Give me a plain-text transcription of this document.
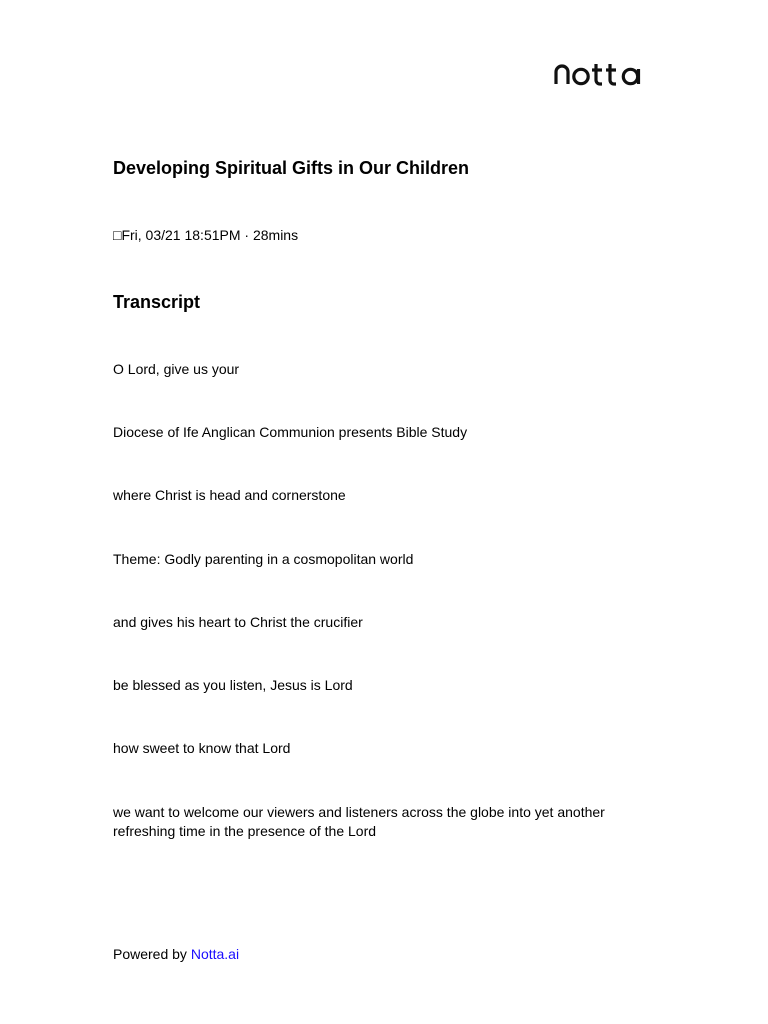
Developing Spiritual Gifts in Our Children
□Fri, 03/21 18:51PM · 28mins
Transcript
O Lord, give us your
Diocese of Ife Anglican Communion presents Bible Study
where Christ is head and cornerstone
Theme: Godly parenting in a cosmopolitan world
and gives his heart to Christ the crucifier
be blessed as you listen, Jesus is Lord
how sweet to know that Lord
we want to welcome our viewers and listeners across the globe into yet another refreshing time in the presence of the Lord
Powered by Notta.ai
